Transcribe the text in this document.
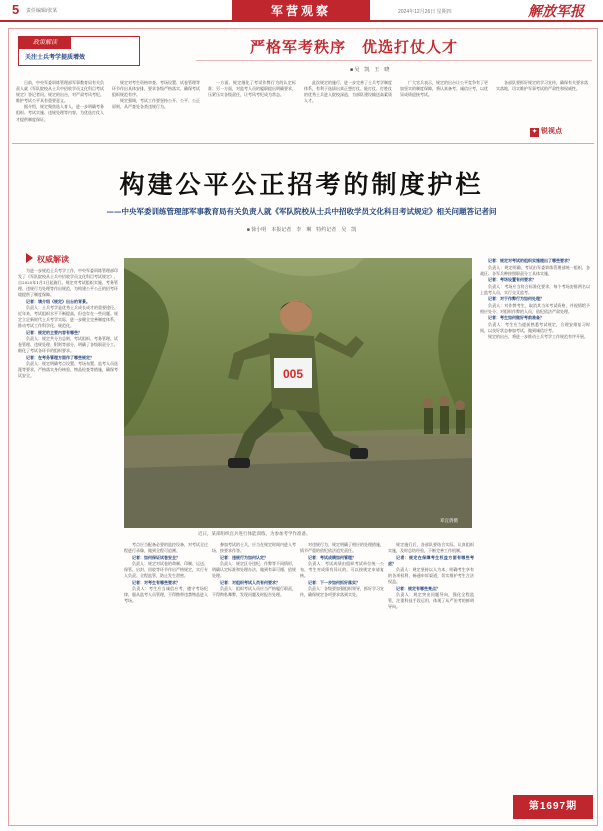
5 责任编辑/张某	军营观察	2024年12月26日 星期四	解放军报
政策解读
关注士兵考学提质增效
严格军考秩序　优选打仗人才
■ 吴　凯　王　晓

日前，中央军委训练管理部军事教育局有关负责人就《军队院校从士兵中招收学员文化科目考试规定》答记者问。规定的出台，对严肃考风考纪、维护考试公平具有重要意义。

据介绍，规定聚焦选人育人，进一步明确考务组织、考试实施、违规处理等内容，为优选打仗人才提供制度保证。

规定对考生资格审查、考场设置、试卷管理等环节作出具体安排，要求各级严格落实，确保考试组织规范有序。

规定强调，考试工作要坚持公开、公平、公正原则，从严查处各类违规行为。

一方面，规定细化了考试作弊行为的认定标准；另一方面，对监考人员的履职提出明确要求，压紧压实各级责任，让考风考纪成为常态。

此次规定的施行，进一步完善了士兵考学制度体系，有利于选拔出真正想打仗、能打仗、打胜仗的优秀士兵进入院校深造，为部队建设输送高素质人才。

广大官兵表示，规定的出台让公平竞争有了更加坚实的制度保障，将认真备考、诚信应考，以优异成绩迎接考试。

各部队要抓好规定的学习宣传，确保有关要求落实落地，切实维护军事考试的严肃性和权威性。

✦ 锐视点
构建公平公正招考的制度护栏
——中央军委训练管理部军事教育局有关负责人就《军队院校从士兵中招收学员文化科目考试规定》相关问题答记者问
■ 徐小明　本报记者　李　琳　特约记者　吴　凯
权威解读

为进一步规范士兵考学工作，中央军委训练管理部印发了《军队院校从士兵中招收学员文化科目考试规定》，自2025年1月1日起施行。规定对考试组织实施、考务管理、违规行为处理等作出规范，为构建公平公正的招考环境提供了制度保障。

记者：请介绍《规定》出台的背景。

负责人：士兵考学是优秀士兵成长成才的重要途径。近年来，考试组织水平不断提高，但也存在一些问题。规定立足新时代士兵考学实际，进一步健全完善制度体系，推动考试工作科学化、规范化。

记者：规定的主要内容有哪些？

负责人：规定共分为总则、考试组织、考务管理、试卷管理、违规处理、附则等部分，明确了各级职责分工，细化了考试各环节的组织要求。

记者：在考务管理方面作了哪些规定？

负责人：规定明确考点设置、考场布置、监考人员选派等要求，严格落实身份核验、物品检查等措施，确保考试安全。	005
邓宜倩摄
近日，某部组织官兵进行体能训练，为参加考学作准备。

考点应当配备必要的监控设备，对考试全过程进行录像，做到全程可追溯。

记者：如何保证试卷安全？

负责人：规定对试卷的命制、印制、运送、保管、启封、回收等环节作出严格规定，实行专人负责、全程监管，防止发生泄密。

记者：对考生有哪些要求？

负责人：考生应当诚信应考，遵守考场纪律，服从监考人员管理，不得携带违禁物品进入考场。

参加考试的士兵，应当在规定时间内进入考场，按要求作答。

记者：违规行为如何认定？

负责人：规定区分违纪、作弊等不同情形，明确认定标准和处理办法，做到有章可循、依规处理。

记者：对组织考试人员有何要求？

负责人：组织考试人员应当严格履行职责，不得徇私舞弊，发现问题及时报告处理。

对违规行为，规定明确了相应的处理措施，情节严重的依纪依法追究责任。

记者：考试成绩如何管理？

负责人：考试成绩由组织考试单位统一公布，考生对成绩有异议的，可以按规定申请复核。

记者：下一步如何抓好落实？

负责人：各级要加强组织领导，抓好学习宣传，确保规定各项要求落到实处。

规定施行后，各部队要结合实际，认真组织实施，及时总结经验，不断完善工作机制。

记者：规定在保障考生权益方面有哪些考虑？

负责人：规定坚持以人为本，明确考生享有的各项权利，畅通申诉渠道，切实维护考生合法权益。

记者：规定有哪些亮点？

负责人：规定突出问题导向，强化全程监管，注重科技手段运用，体现了从严治考的鲜明导向。

记者：规定对考试的组织实施提出了哪些要求？

负责人：规定明确，考试由军委训练管理部统一组织，各战区、各军兵种按照职责分工具体实施。

记者：考场设置有何要求？

负责人：考场应当符合标准化要求，每个考场安排两名以上监考人员，实行交叉监考。

记者：对于作弊行为如何处理？

负责人：对作弊考生，取消其当年考试资格，并视情给予相应处分；对组织作弊的人员，依纪依法严肃处理。

记者：考生如何做好考前准备？

负责人：考生应当提前熟悉考试规定，合理安排复习时间，以良好状态参加考试，做到诚信应考。

规定的出台，将进一步推动士兵考学工作规范有序开展。

第1697期
